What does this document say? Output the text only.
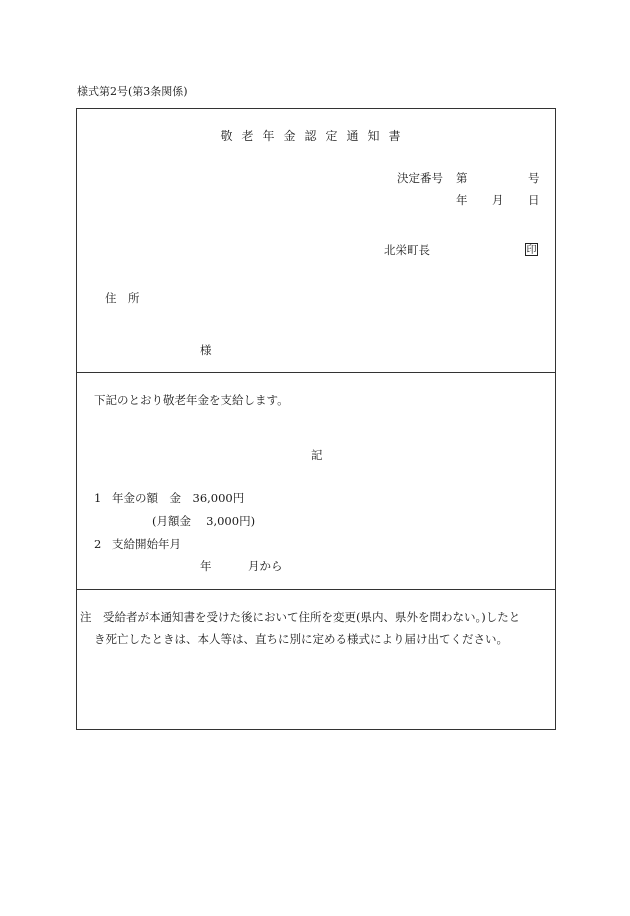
様式第2号(第3条関係)
敬老年金認定通知書
決定番号 第	号
年 月 日
北栄町長	印
住　所
様
下記のとおり敬老年金を支給します。
記
1 年金の額　金　36,000円
(月額金　 3,000円)
2 支給開始年月
年	月から

注　受給者が本通知書を受けた後において住所を変更(県内、県外を問わない。)したと

き死亡したときは、本人等は、直ちに別に定める様式により届け出てください。
